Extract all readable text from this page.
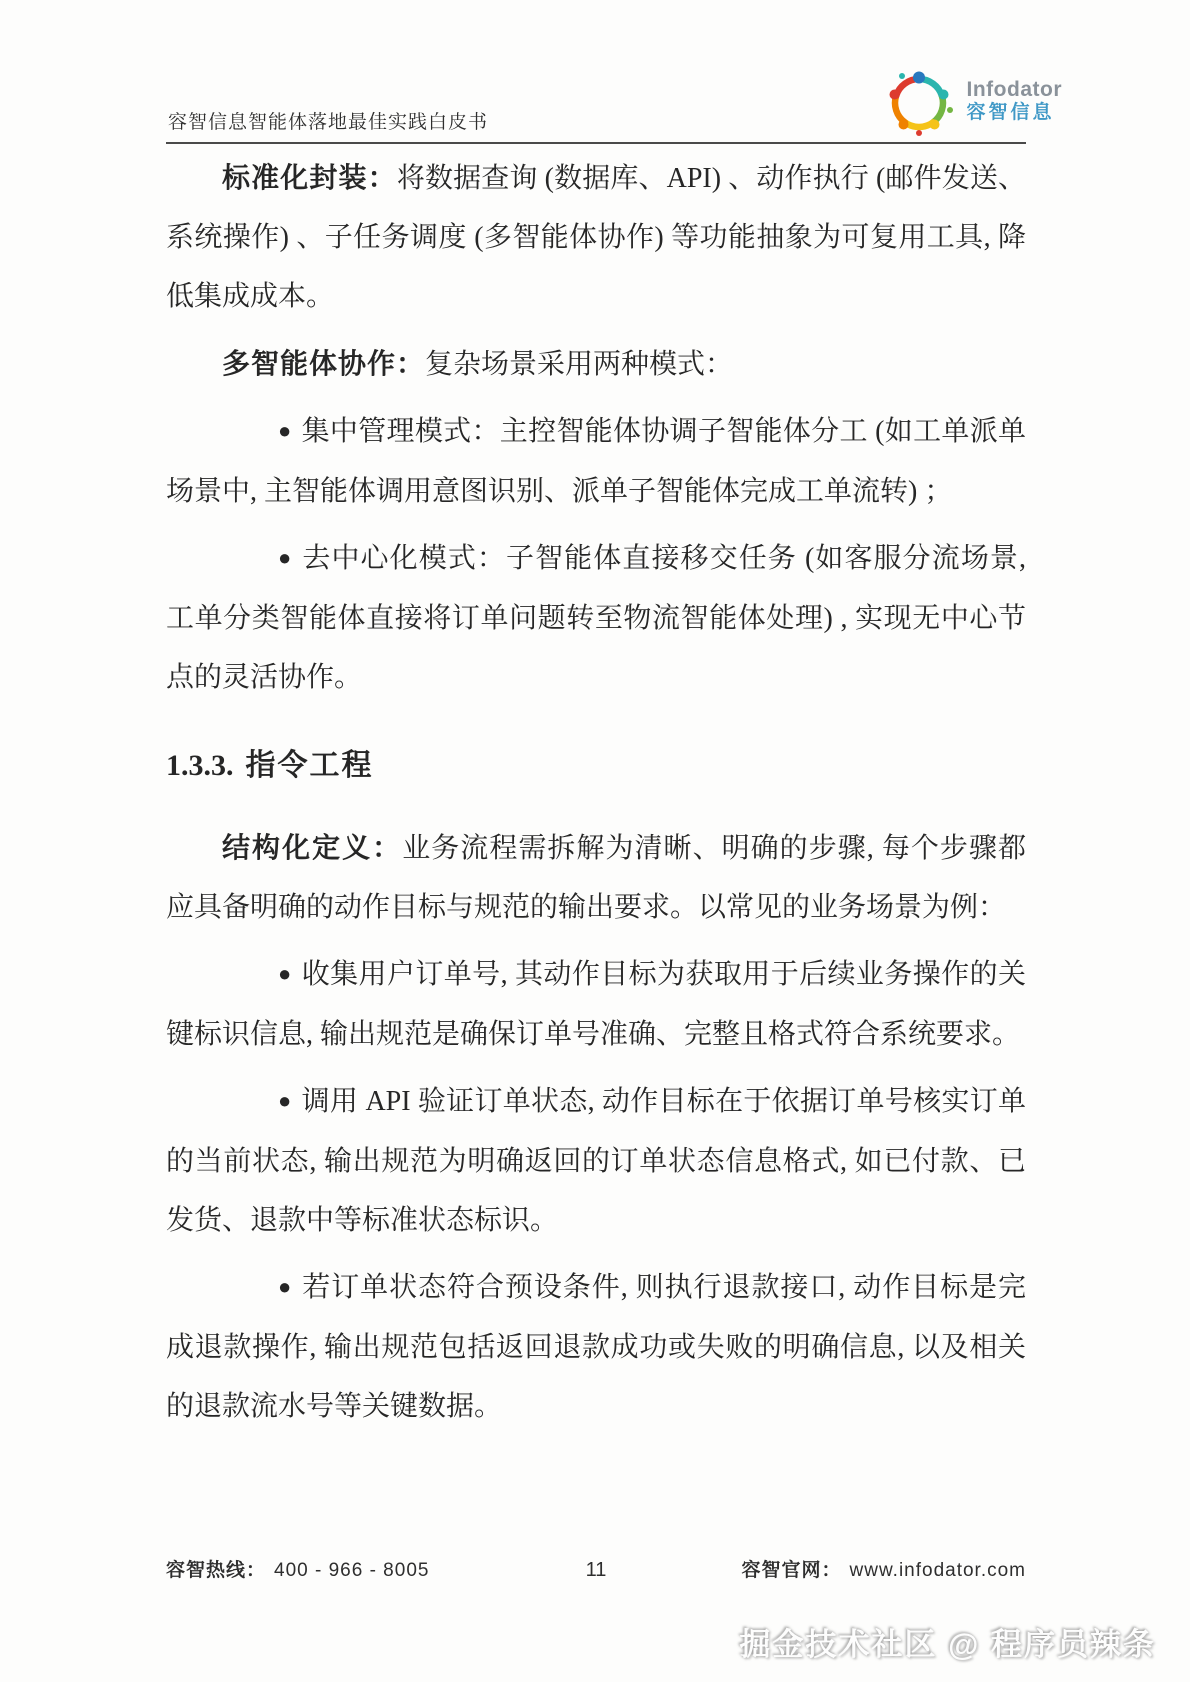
容智信息智能体落地最佳实践白皮书
Infodator
容智信息

标准化封装：将数据查询 (数据库、API) 、动作执行 (邮件发送、系统操作) 、子任务调度 (多智能体协作) 等功能抽象为可复用工具, 降低集成成本。

多智能体协作：复杂场景采用两种模式：

● 集中管理模式：主控智能体协调子智能体分工 (如工单派单场景中, 主智能体调用意图识别、派单子智能体完成工单流转) ；

● 去中心化模式：子智能体直接移交任务 (如客服分流场景, 工单分类智能体直接将订单问题转至物流智能体处理) , 实现无中心节点的灵活协作。

1.3.3. 指令工程

结构化定义：业务流程需拆解为清晰、明确的步骤, 每个步骤都应具备明确的动作目标与规范的输出要求。以常见的业务场景为例：

● 收集用户订单号, 其动作目标为获取用于后续业务操作的关键标识信息, 输出规范是确保订单号准确、完整且格式符合系统要求。

● 调用 API 验证订单状态, 动作目标在于依据订单号核实订单的当前状态, 输出规范为明确返回的订单状态信息格式, 如已付款、已发货、退款中等标准状态标识。

● 若订单状态符合预设条件, 则执行退款接口, 动作目标是完成退款操作, 输出规范包括返回退款成功或失败的明确信息, 以及相关的退款流水号等关键数据。

容智热线： 400 - 966 - 8005	11	容智官网： www.infodator.com
掘金技术社区 @ 程序员辣条
